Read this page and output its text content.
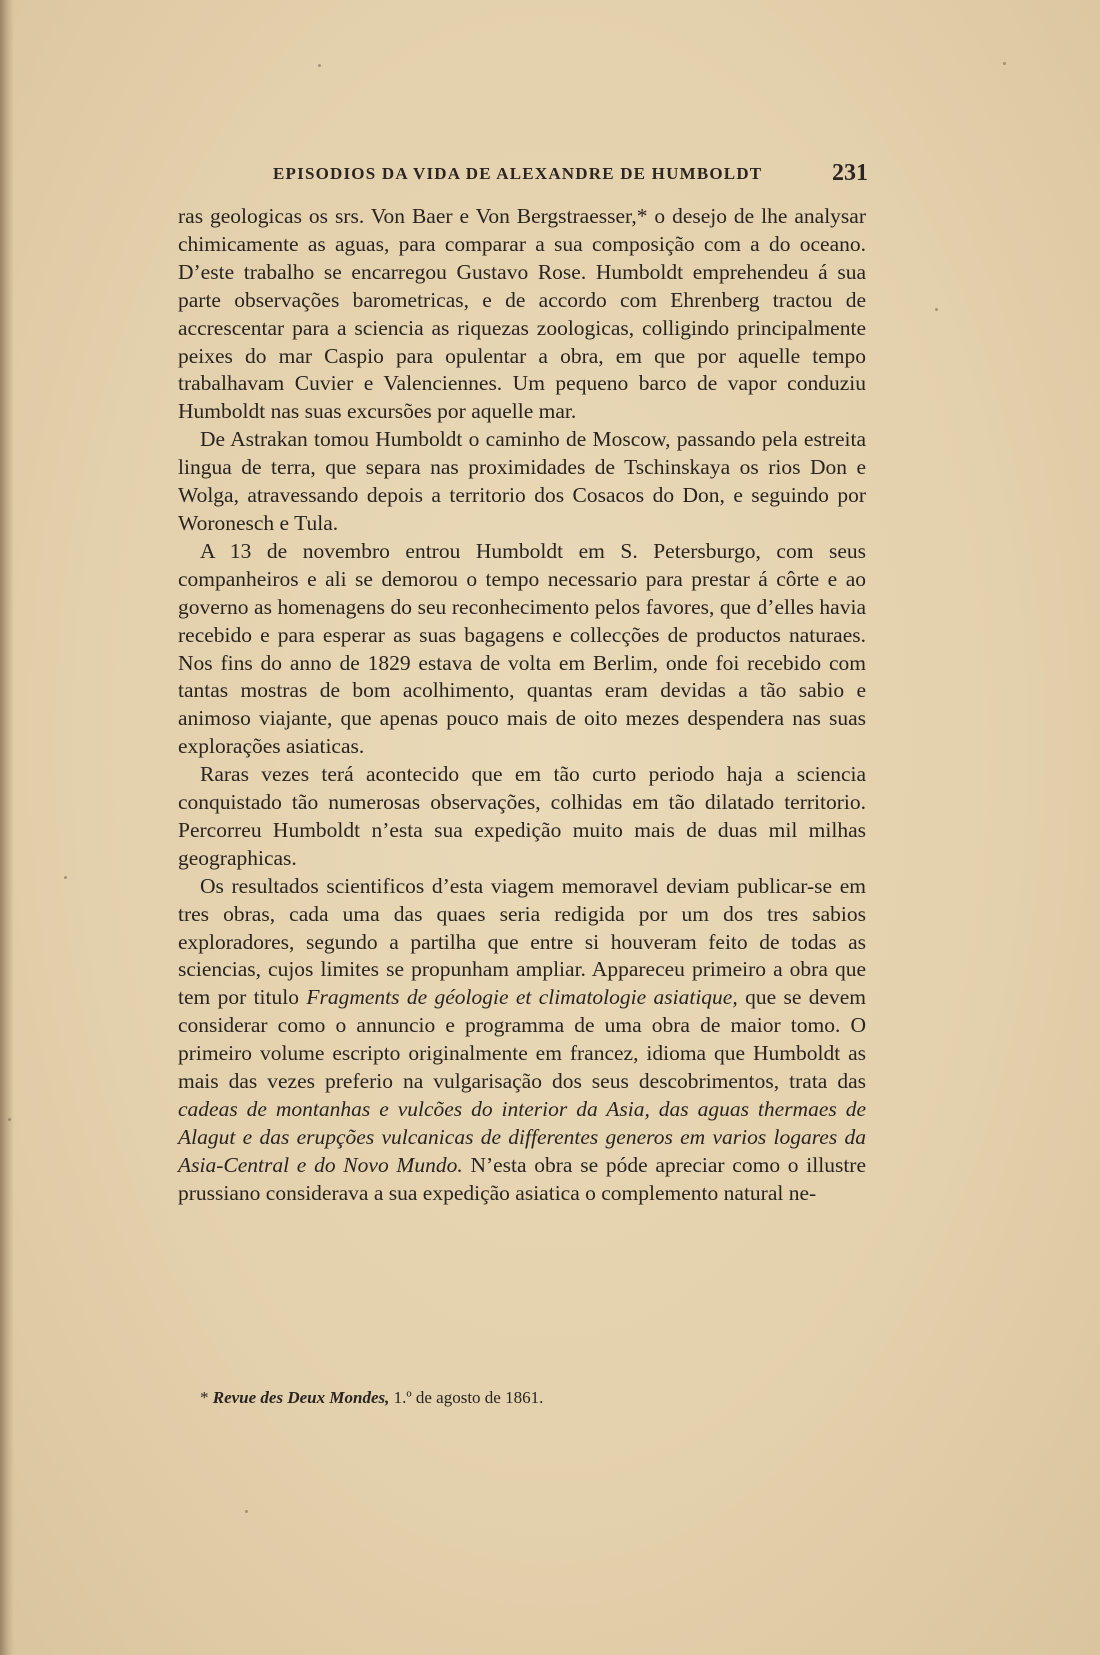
EPISODIOS DA VIDA DE ALEXANDRE DE HUMBOLDT	231

ras geologicas os srs. Von Baer e Von Bergstraesser,* o desejo de lhe analysar chimicamente as aguas, para comparar a sua composição com a do oceano. D’este trabalho se encarregou Gustavo Rose. Humboldt emprehendeu á sua parte observações barometricas, e de accordo com Ehrenberg tractou de accrescentar para a sciencia as riquezas zoologicas, colligindo principalmente peixes do mar Caspio para opulentar a obra, em que por aquelle tempo trabalhavam Cuvier e Valenciennes. Um pequeno barco de vapor conduziu Humboldt nas suas excursões por aquelle mar.

De Astrakan tomou Humboldt o caminho de Moscow, passando pela estreita lingua de terra, que separa nas proximidades de Tschinskaya os rios Don e Wolga, atravessando depois a territorio dos Cosacos do Don, e seguindo por Woronesch e Tula.

A 13 de novembro entrou Humboldt em S. Petersburgo, com seus companheiros e ali se demorou o tempo necessario para prestar á côrte e ao governo as homenagens do seu reconhecimento pelos favores, que d’elles havia recebido e para esperar as suas bagagens e collecções de productos naturaes. Nos fins do anno de 1829 estava de volta em Berlim, onde foi recebido com tantas mostras de bom acolhimento, quantas eram devidas a tão sabio e animoso viajante, que apenas pouco mais de oito mezes despendera nas suas explorações asiaticas.

Raras vezes terá acontecido que em tão curto periodo haja a sciencia conquistado tão numerosas observações, colhidas em tão dilatado territorio. Percorreu Humboldt n’esta sua expedição muito mais de duas mil milhas geographicas.

Os resultados scientificos d’esta viagem memoravel deviam publicar-se em tres obras, cada uma das quaes seria redigida por um dos tres sabios exploradores, segundo a partilha que entre si houveram feito de todas as sciencias, cujos limites se propunham ampliar. Appareceu primeiro a obra que tem por titulo Fragments de géologie et climatologie asiatique, que se devem considerar como o annuncio e programma de uma obra de maior tomo. O primeiro volume escripto originalmente em francez, idioma que Humboldt as mais das vezes preferio na vulgarisação dos seus descobrimentos, trata das cadeas de montanhas e vulcões do interior da Asia, das aguas thermaes de Alagut e das erupções vulcanicas de differentes generos em varios logares da Asia-Central e do Novo Mundo. N’esta obra se póde apreciar como o illustre prussiano considerava a sua expedição asiatica o complemento natural ne-

* Revue des Deux Mondes, 1.º de agosto de 1861.
